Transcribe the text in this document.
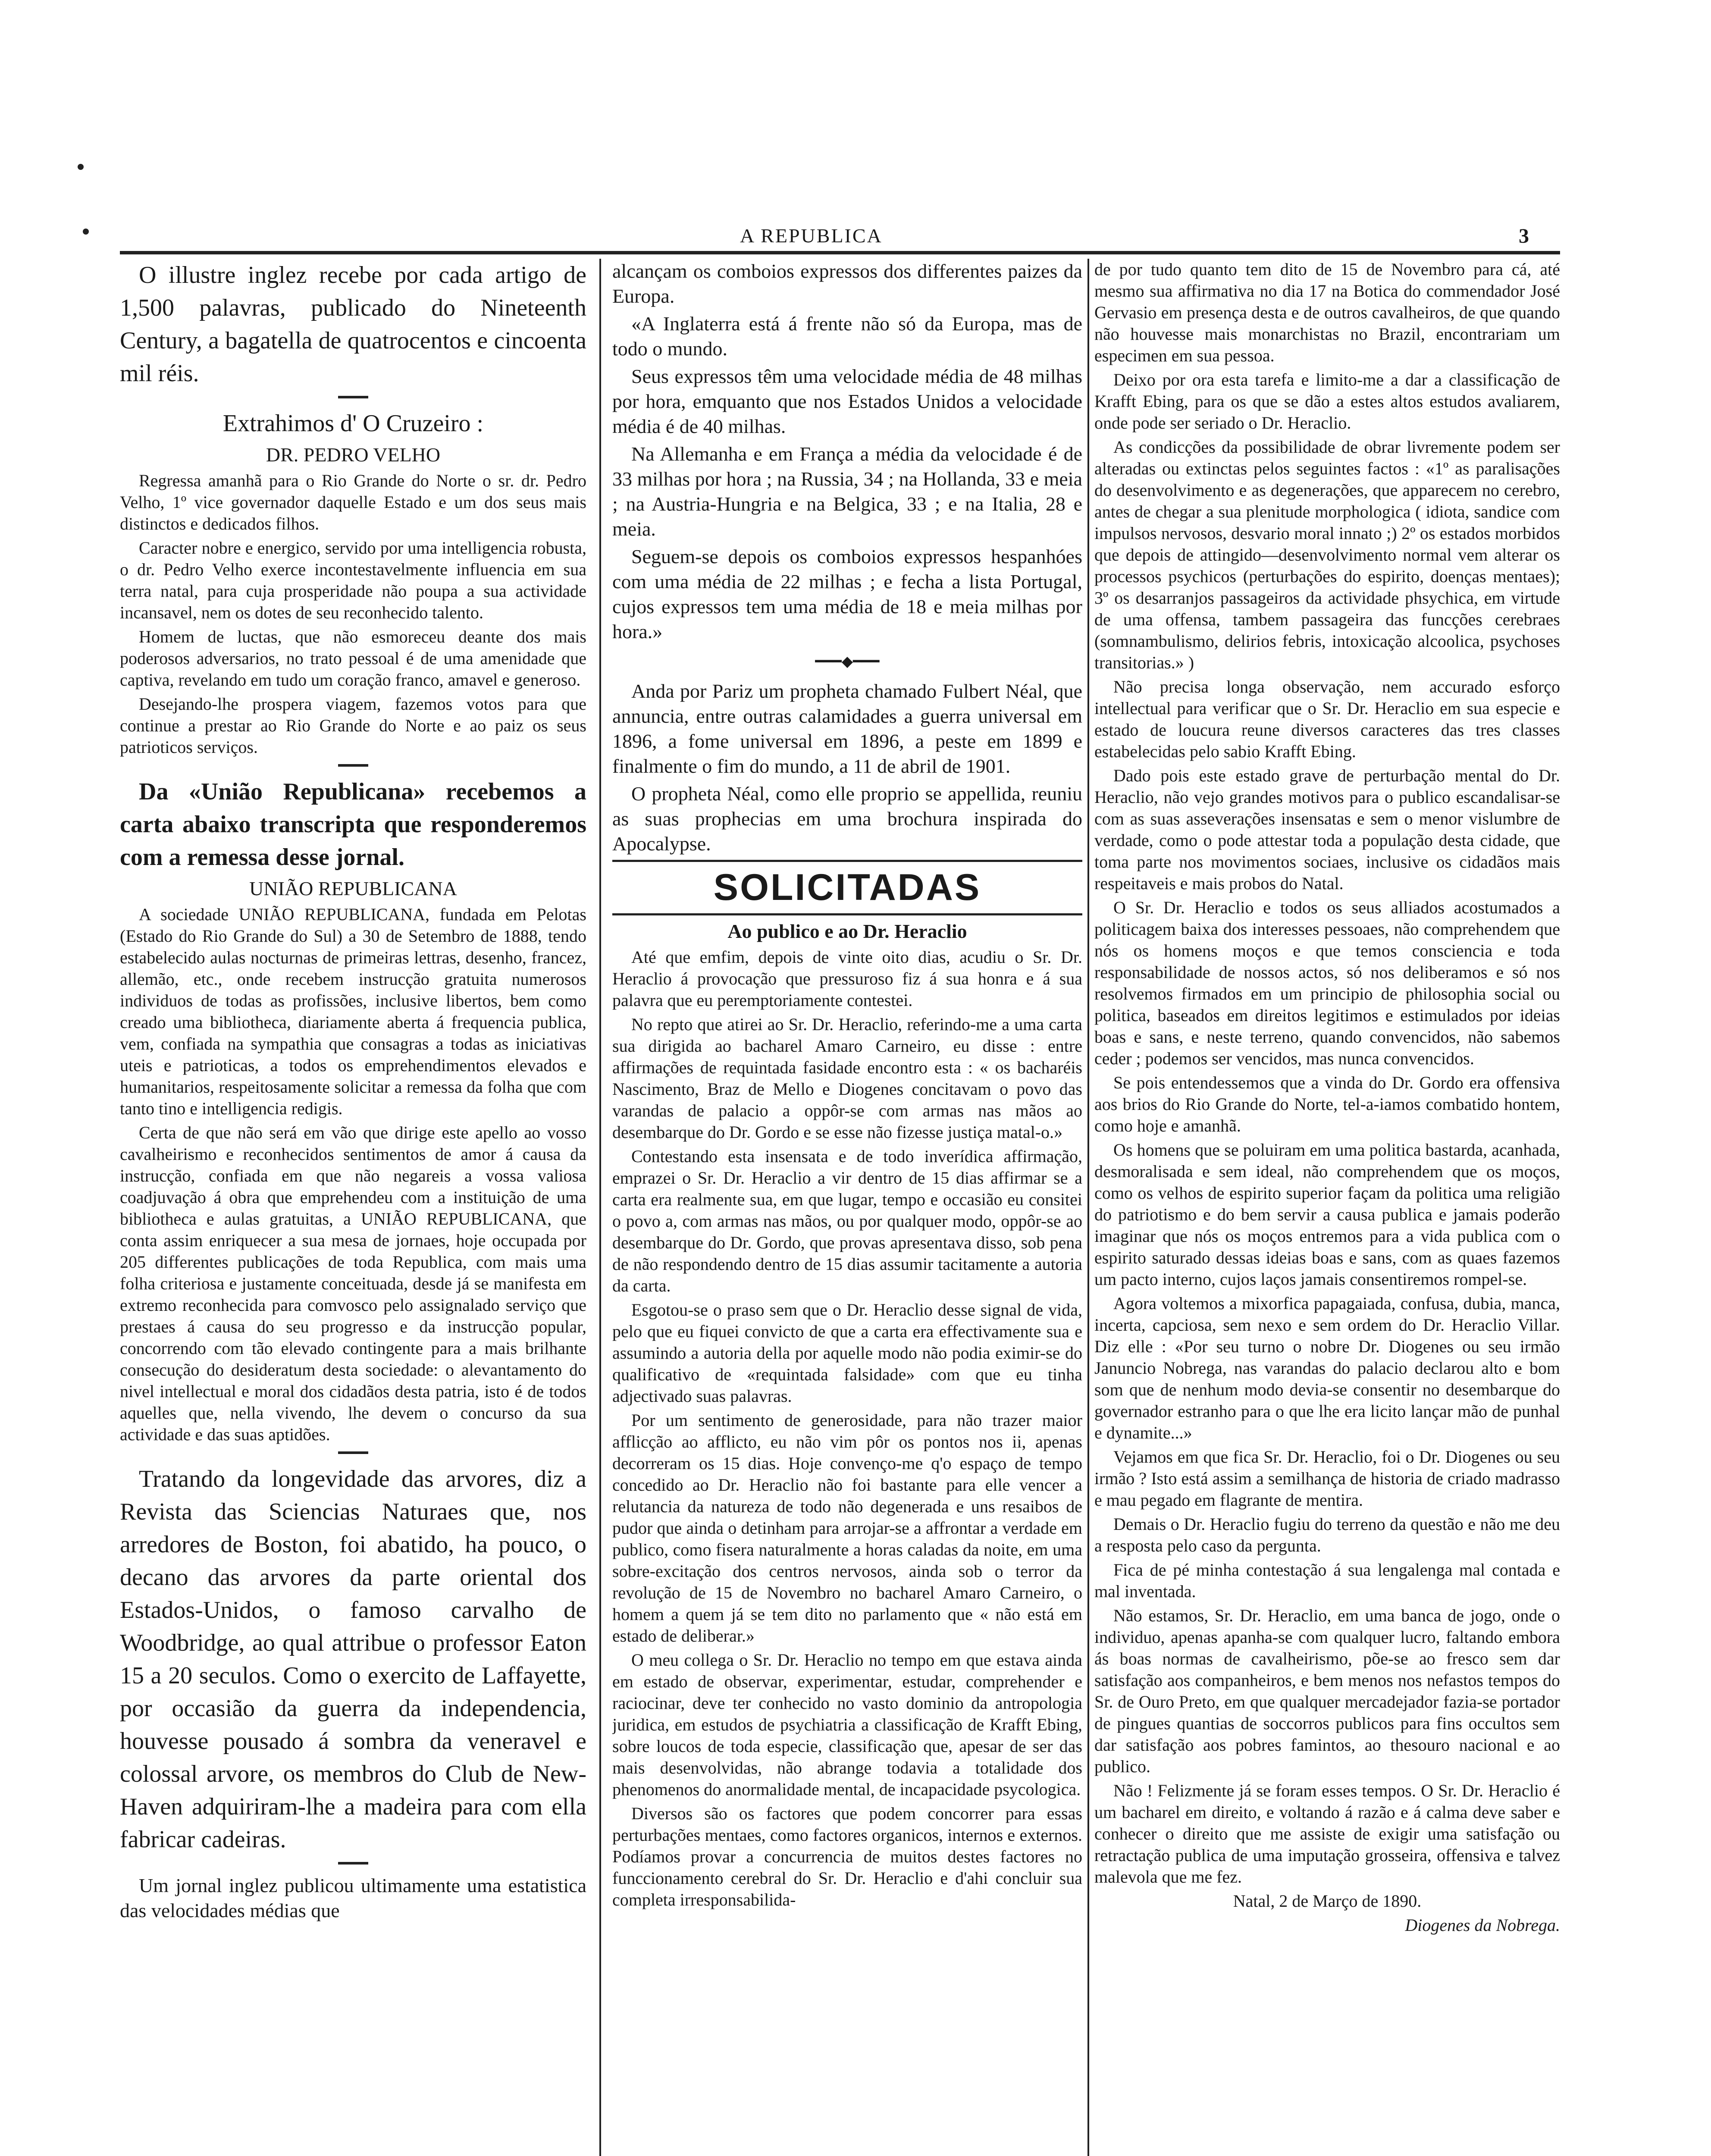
A REPUBLICA	3

O illustre inglez recebe por cada artigo de 1,500 palavras, publicado do Nineteenth Century, a bagatella de quatrocentos e cincoenta mil réis.

Extrahimos d' O Cruzeiro :

DR. PEDRO VELHO

Regressa amanhã para o Rio Grande do Norte o sr. dr. Pedro Velho, 1º vice governador daquelle Estado e um dos seus mais distinctos e dedicados filhos.

Caracter nobre e energico, servido por uma intelligencia robusta, o dr. Pedro Velho exerce incontestavelmente influencia em sua terra natal, para cuja prosperidade não poupa a sua actividade incansavel, nem os dotes de seu reconhecido talento.

Homem de luctas, que não esmoreceu deante dos mais poderosos adversarios, no trato pessoal é de uma amenidade que captiva, revelando em tudo um coração franco, amavel e generoso.

Desejando-lhe prospera viagem, fazemos votos para que continue a prestar ao Rio Grande do Norte e ao paiz os seus patrioticos serviços.

Da «União Republicana» recebemos a carta abaixo transcripta que responderemos com a remessa desse jornal.

UNIÃO REPUBLICANA

A sociedade UNIÃO REPUBLICANA, fundada em Pelotas (Estado do Rio Grande do Sul) a 30 de Setembro de 1888, tendo estabelecido aulas nocturnas de primeiras lettras, desenho, francez, allemão, etc., onde recebem instrucção gratuita numerosos individuos de todas as profissões, inclusive libertos, bem como creado uma bibliotheca, diariamente aberta á frequencia publica, vem, confiada na sympathia que consagras a todas as iniciativas uteis e patrioticas, a todos os emprehendimentos elevados e humanitarios, respeitosamente solicitar a remessa da folha que com tanto tino e intelligencia redigis.

Certa de que não será em vão que dirige este apello ao vosso cavalheirismo e reconhecidos sentimentos de amor á causa da instrucção, confiada em que não negareis a vossa valiosa coadjuvação á obra que emprehendeu com a instituição de uma bibliotheca e aulas gratuitas, a UNIÃO REPUBLICANA, que conta assim enriquecer a sua mesa de jornaes, hoje occupada por 205 differentes publicações de toda Republica, com mais uma folha criteriosa e justamente conceituada, desde já se manifesta em extremo reconhecida para comvosco pelo assignalado serviço que prestaes á causa do seu progresso e da instrucção popular, concorrendo com tão elevado contingente para a mais brilhante consecução do desideratum desta sociedade: o alevantamento do nivel intellectual e moral dos cidadãos desta patria, isto é de todos aquelles que, nella vivendo, lhe devem o concurso da sua actividade e das suas aptidões.

Tratando da longevidade das arvores, diz a Revista das Sciencias Naturaes que, nos arredores de Boston, foi abatido, ha pouco, o decano das arvores da parte oriental dos Estados-Unidos, o famoso carvalho de Woodbridge, ao qual attribue o professor Eaton 15 a 20 seculos. Como o exercito de Laffayette, por occasião da guerra da independencia, houvesse pousado á sombra da veneravel e colossal arvore, os membros do Club de New-Haven adquiriram-lhe a madeira para com ella fabricar cadeiras.

Um jornal inglez publicou ultimamente uma estatistica das velocidades médias que

alcançam os comboios expressos dos differentes paizes da Europa.

«A Inglaterra está á frente não só da Europa, mas de todo o mundo.

Seus expressos têm uma velocidade média de 48 milhas por hora, emquanto que nos Estados Unidos a velocidade média é de 40 milhas.

Na Allemanha e em França a média da velocidade é de 33 milhas por hora ; na Russia, 34 ; na Hollanda, 33 e meia ; na Austria-Hungria e na Belgica, 33 ; e na Italia, 28 e meia.

Seguem-se depois os comboios expressos hespanhóes com uma média de 22 milhas ; e fecha a lista Portugal, cujos expressos tem uma média de 18 e meia milhas por hora.»

━━━◆━━━

Anda por Pariz um propheta chamado Fulbert Néal, que annuncia, entre outras calamidades a guerra universal em 1896, a fome universal em 1896, a peste em 1899 e finalmente o fim do mundo, a 11 de abril de 1901.

O propheta Néal, como elle proprio se appellida, reuniu as suas prophecias em uma brochura inspirada do Apocalypse.

SOLICITADAS

Ao publico e ao Dr. Heraclio

Até que emfim, depois de vinte oito dias, acudiu o Sr. Dr. Heraclio á provocação que pressuroso fiz á sua honra e á sua palavra que eu peremptoriamente contestei.

No repto que atirei ao Sr. Dr. Heraclio, referindo-me a uma carta sua dirigida ao bacharel Amaro Carneiro, eu disse : entre affirmações de requintada fasidade encontro esta : « os bacharéis Nascimento, Braz de Mello e Diogenes concitavam o povo das varandas de palacio a oppôr-se com armas nas mãos ao desembarque do Dr. Gordo e se esse não fizesse justiça matal-o.»

Contestando esta insensata e de todo inverídica affirmação, emprazei o Sr. Dr. Heraclio a vir dentro de 15 dias affirmar se a carta era realmente sua, em que lugar, tempo e occasião eu consitei o povo a, com armas nas mãos, ou por qualquer modo, oppôr-se ao desembarque do Dr. Gordo, que provas apresentava disso, sob pena de não respondendo dentro de 15 dias assumir tacitamente a autoria da carta.

Esgotou-se o praso sem que o Dr. Heraclio desse signal de vida, pelo que eu fiquei convicto de que a carta era effectivamente sua e assumindo a autoria della por aquelle modo não podia eximir-se do qualificativo de «requintada falsidade» com que eu tinha adjectivado suas palavras.

Por um sentimento de generosidade, para não trazer maior afflicção ao afflicto, eu não vim pôr os pontos nos ii, apenas decorreram os 15 dias. Hoje convenço-me q'o espaço de tempo concedido ao Dr. Heraclio não foi bastante para elle vencer a relutancia da natureza de todo não degenerada e uns resaibos de pudor que ainda o detinham para arrojar-se a affrontar a verdade em publico, como fisera naturalmente a horas caladas da noite, em uma sobre-excitação dos centros nervosos, ainda sob o terror da revolução de 15 de Novembro no bacharel Amaro Carneiro, o homem a quem já se tem dito no parlamento que « não está em estado de deliberar.»

O meu collega o Sr. Dr. Heraclio no tempo em que estava ainda em estado de observar, experimentar, estudar, comprehender e raciocinar, deve ter conhecido no vasto dominio da antropologia juridica, em estudos de psychiatria a classificação de Krafft Ebing, sobre loucos de toda especie, classificação que, apesar de ser das mais desenvolvidas, não abrange todavia a totalidade dos phenomenos do anormalidade mental, de incapacidade psycologica.

Diversos são os factores que podem concorrer para essas perturbações mentaes, como factores organicos, internos e externos. Podíamos provar a concurrencia de muitos destes factores no funccionamento cerebral do Sr. Dr. Heraclio e d'ahi concluir sua completa irresponsabilida-

de por tudo quanto tem dito de 15 de Novembro para cá, até mesmo sua affirmativa no dia 17 na Botica do commendador José Gervasio em presença desta e de outros cavalheiros, de que quando não houvesse mais monarchistas no Brazil, encontrariam um especimen em sua pessoa.

Deixo por ora esta tarefa e limito-me a dar a classificação de Krafft Ebing, para os que se dão a estes altos estudos avaliarem, onde pode ser seriado o Dr. Heraclio.

As condicções da possibilidade de obrar livremente podem ser alteradas ou extinctas pelos seguintes factos : «1º as paralisações do desenvolvimento e as degenerações, que apparecem no cerebro, antes de chegar a sua plenitude morphologica ( idiota, sandice com impulsos nervosos, desvario moral innato ;) 2º os estados morbidos que depois de attingido—desenvolvimento normal vem alterar os processos psychicos (perturbações do espirito, doenças mentaes); 3º os desarranjos passageiros da actividade phsychica, em virtude de uma offensa, tambem passageira das funcções cerebraes (somnambulismo, delirios febris, intoxicação alcoolica, psychoses transitorias.» )

Não precisa longa observação, nem accurado esforço intellectual para verificar que o Sr. Dr. Heraclio em sua especie e estado de loucura reune diversos caracteres das tres classes estabelecidas pelo sabio Krafft Ebing.

Dado pois este estado grave de perturbação mental do Dr. Heraclio, não vejo grandes motivos para o publico escandalisar-se com as suas asseverações insensatas e sem o menor vislumbre de verdade, como o pode attestar toda a população desta cidade, que toma parte nos movimentos sociaes, inclusive os cidadãos mais respeitaveis e mais probos do Natal.

O Sr. Dr. Heraclio e todos os seus alliados acostumados a politicagem baixa dos interesses pessoaes, não comprehendem que nós os homens moços e que temos consciencia e toda responsabilidade de nossos actos, só nos deliberamos e só nos resolvemos firmados em um principio de philosophia social ou politica, baseados em direitos legitimos e estimulados por ideias boas e sans, e neste terreno, quando convencidos, não sabemos ceder ; podemos ser vencidos, mas nunca convencidos.

Se pois entendessemos que a vinda do Dr. Gordo era offensiva aos brios do Rio Grande do Norte, tel-a-iamos combatido hontem, como hoje e amanhã.

Os homens que se poluiram em uma politica bastarda, acanhada, desmoralisada e sem ideal, não comprehendem que os moços, como os velhos de espirito superior façam da politica uma religião do patriotismo e do bem servir a causa publica e jamais poderão imaginar que nós os moços entremos para a vida publica com o espirito saturado dessas ideias boas e sans, com as quaes fazemos um pacto interno, cujos laços jamais consentiremos rompel-se.

Agora voltemos a mixorfica papagaiada, confusa, dubia, manca, incerta, capciosa, sem nexo e sem ordem do Dr. Heraclio Villar. Diz elle : «Por seu turno o nobre Dr. Diogenes ou seu irmão Januncio Nobrega, nas varandas do palacio declarou alto e bom som que de nenhum modo devia-se consentir no desembarque do governador estranho para o que lhe era licito lançar mão de punhal e dynamite...»

Vejamos em que fica Sr. Dr. Heraclio, foi o Dr. Diogenes ou seu irmão ? Isto está assim a semilhança de historia de criado madrasso e mau pegado em flagrante de mentira.

Demais o Dr. Heraclio fugiu do terreno da questão e não me deu a resposta pelo caso da pergunta.

Fica de pé minha contestação á sua lengalenga mal contada e mal inventada.

Não estamos, Sr. Dr. Heraclio, em uma banca de jogo, onde o individuo, apenas apanha-se com qualquer lucro, faltando embora ás boas normas de cavalheirismo, põe-se ao fresco sem dar satisfação aos companheiros, e bem menos nos nefastos tempos do Sr. de Ouro Preto, em que qualquer mercadejador fazia-se portador de pingues quantias de soccorros publicos para fins occultos sem dar satisfação aos pobres famintos, ao thesouro nacional e ao publico.

Não ! Felizmente já se foram esses tempos. O Sr. Dr. Heraclio é um bacharel em direito, e voltando á razão e á calma deve saber e conhecer o direito que me assiste de exigir uma satisfação ou retractação publica de uma imputação grosseira, offensiva e talvez malevola que me fez.

Natal, 2 de Março de 1890.

Diogenes da Nobrega.
